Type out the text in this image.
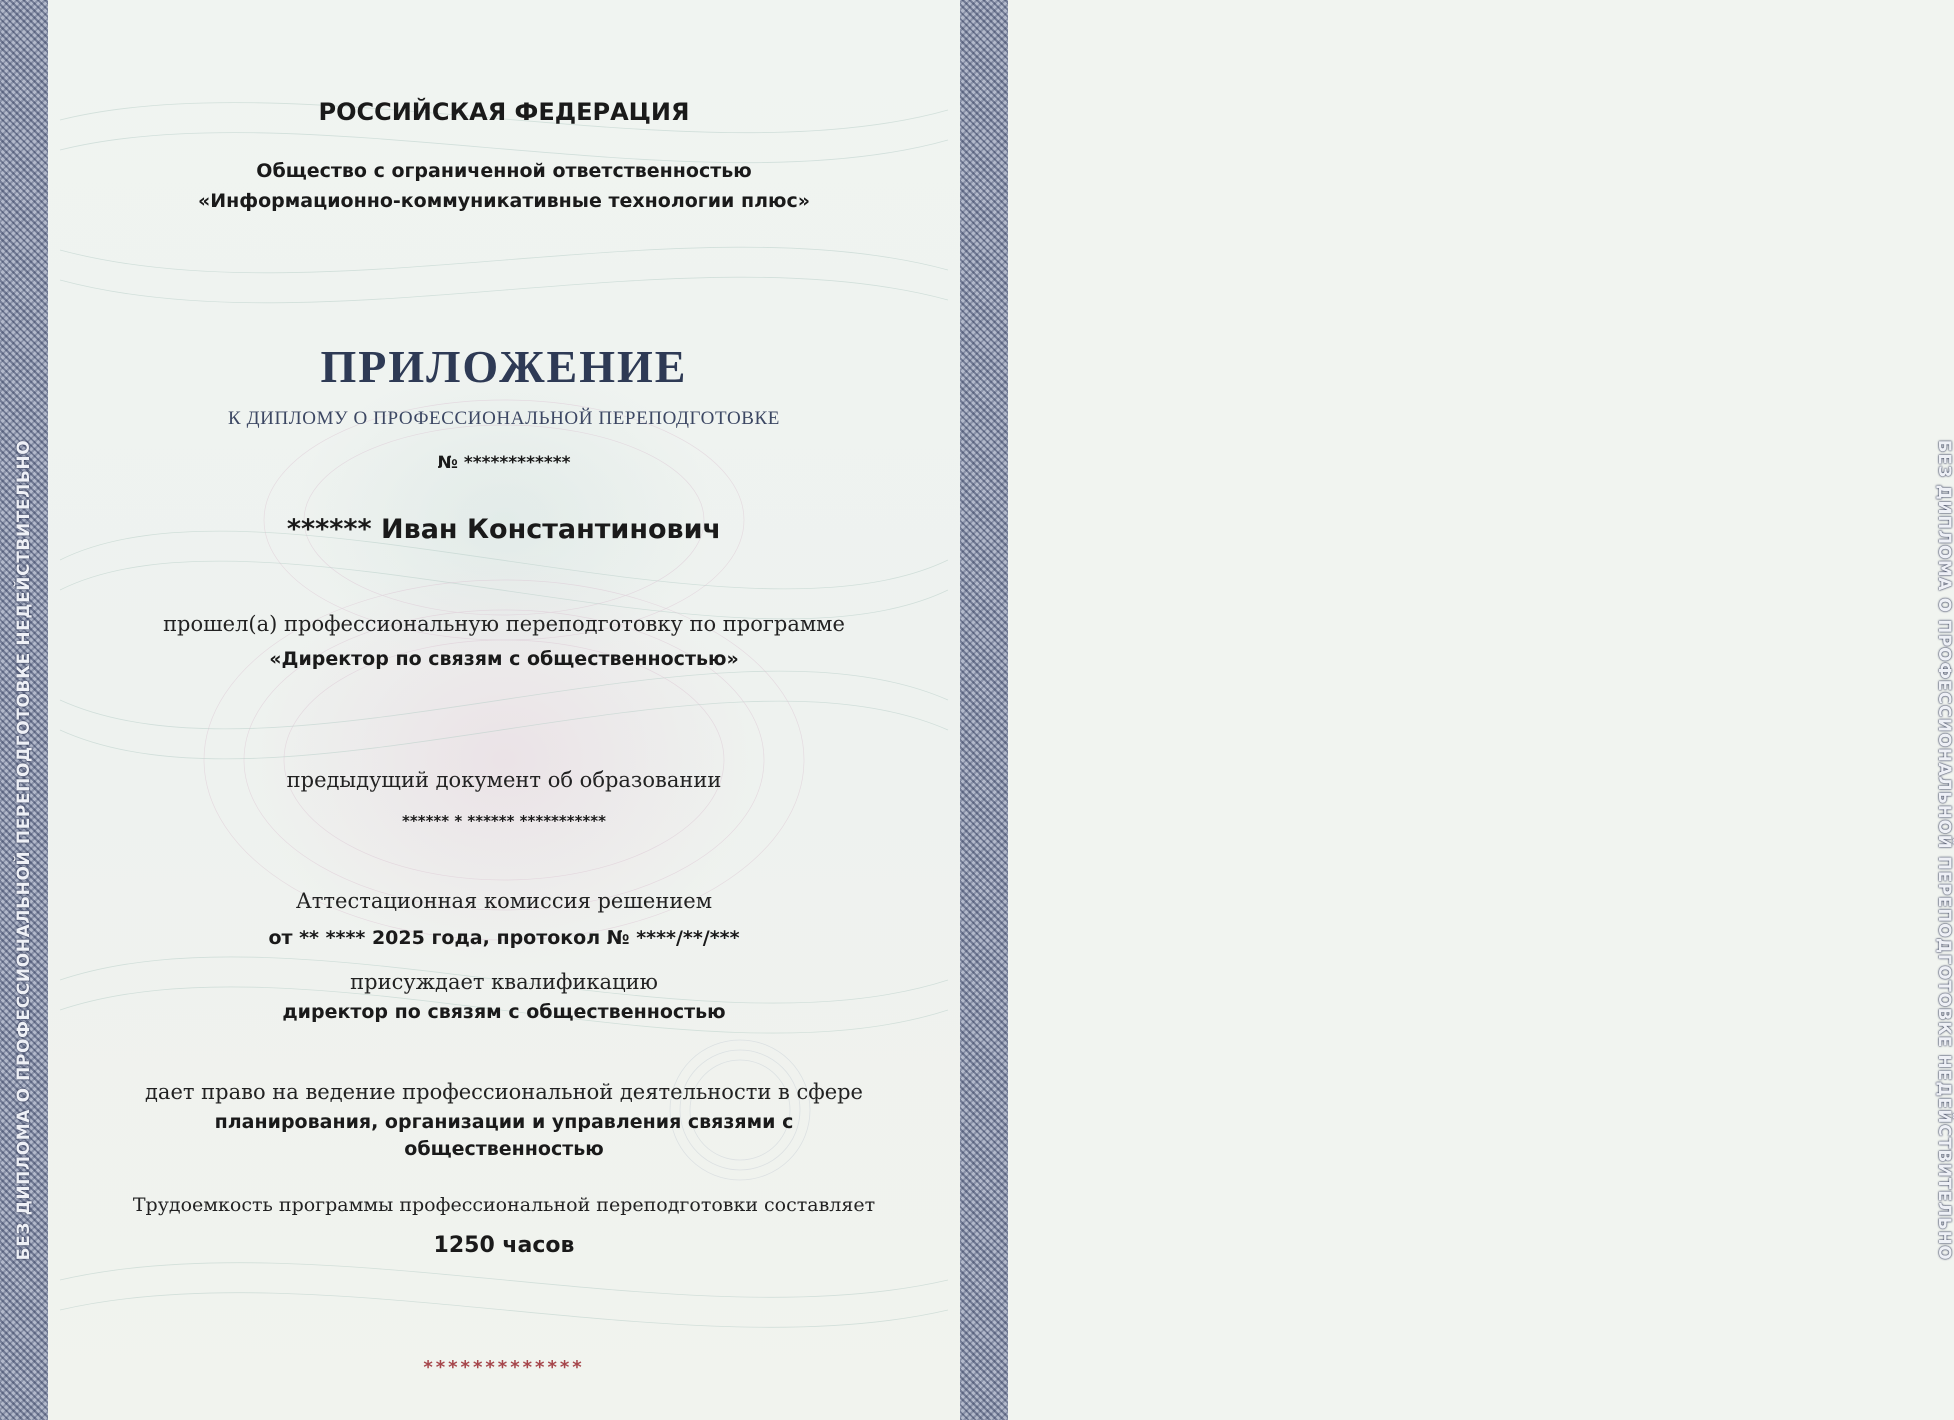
БЕЗ ДИПЛОМА О ПРОФЕССИОНАЛЬНОЙ ПЕРЕПОДГОТОВКЕ НЕДЕЙСТВИТЕЛЬНО	БЕЗ ДИПЛОМА О ПРОФЕССИОНАЛЬНОЙ ПЕРЕПОДГОТОВКЕ НЕДЕЙСТВИТЕЛЬНО
РОССИЙСКАЯ ФЕДЕРАЦИЯ
Общество с ограниченной ответственностью
«Информационно-коммуникативные технологии плюс»
ПРИЛОЖЕНИЕ
К ДИПЛОМУ О ПРОФЕССИОНАЛЬНОЙ ПЕРЕПОДГОТОВКЕ
№ ************
****** Иван Константинович
прошел(а) профессиональную переподготовку по программе
«Директор по связям с общественностью»
предыдущий документ об образовании
****** * ****** ***********
Аттестационная комиссия решением
от ** **** 2025 года, протокол № ****/**/***
присуждает квалификацию
директор по связям с общественностью
дает право на ведение профессиональной деятельности в сфере
планирования, организации и управления связями с
общественностью
Трудоемкость программы профессиональной переподготовки составляет
1250 часов
*************
